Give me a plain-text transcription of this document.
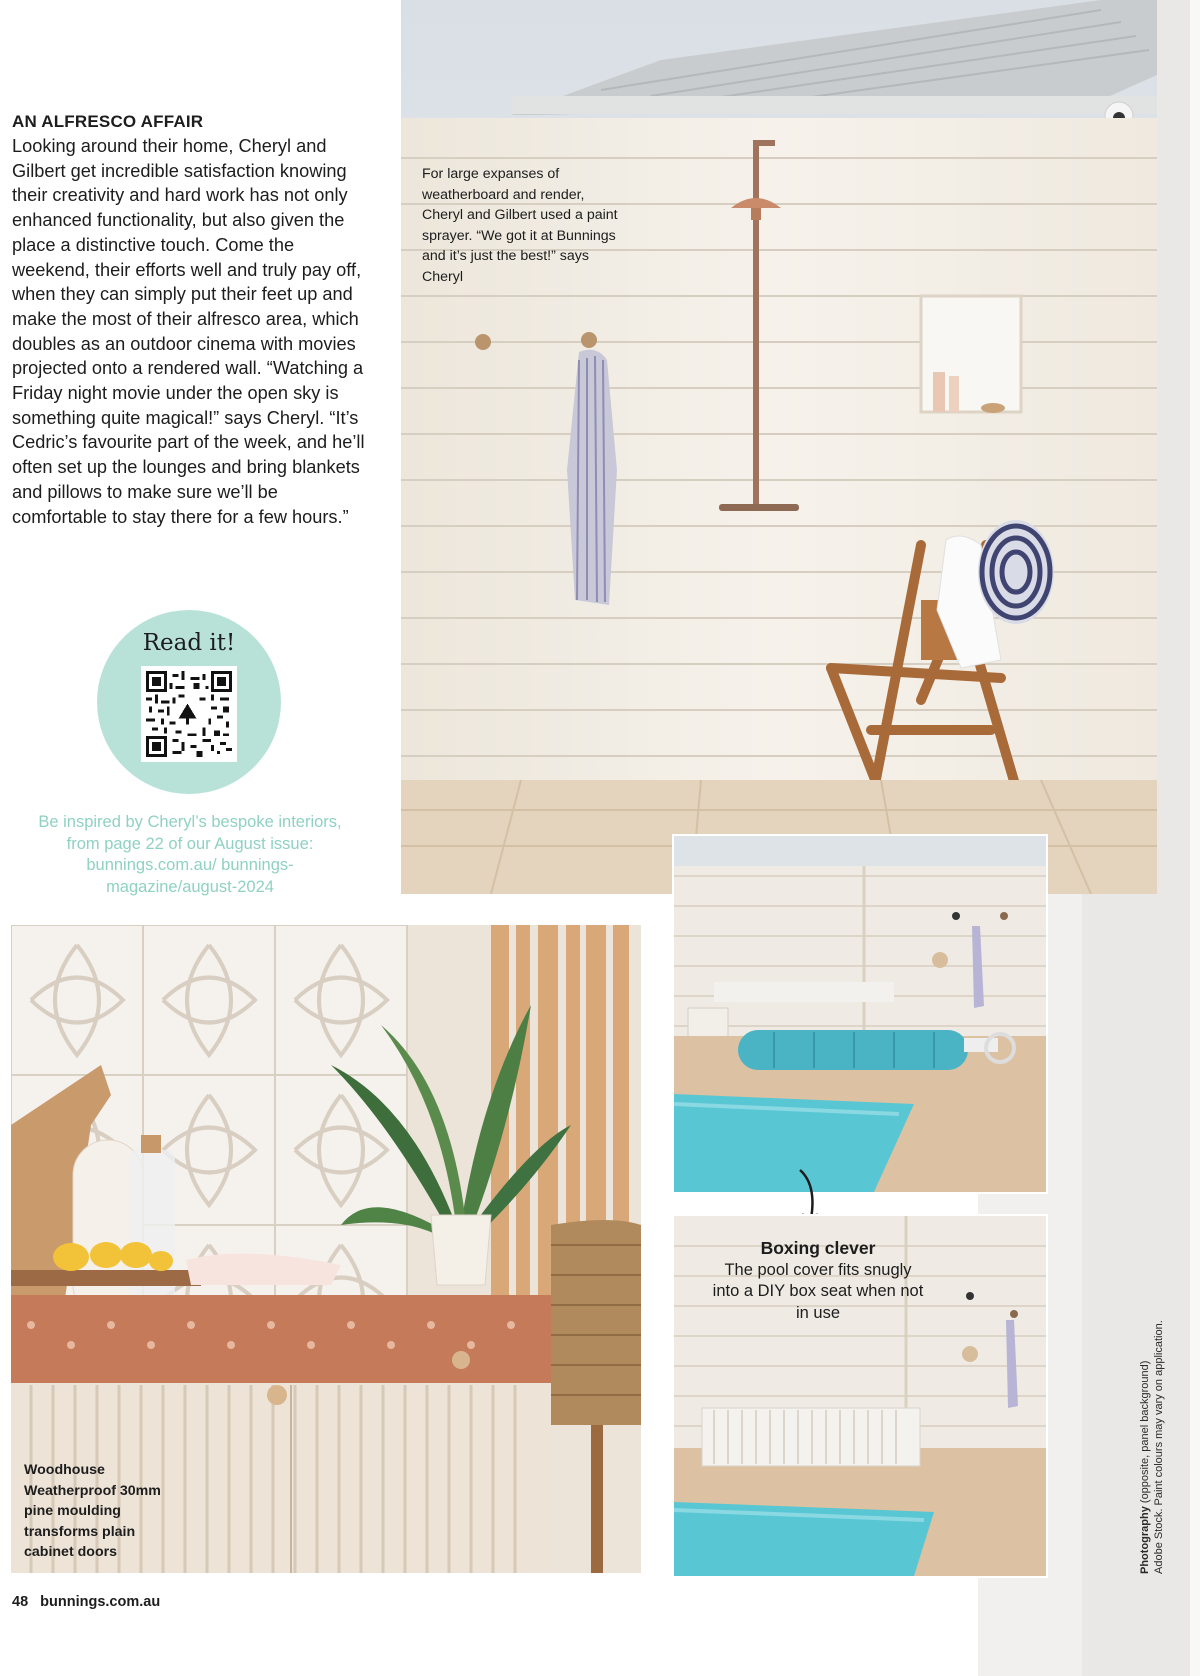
AN ALFRESCO AFFAIR
Looking around their home, Cheryl and Gilbert get incredible satisfaction knowing their creativity and hard work has not only enhanced functionality, but also given the place a distinctive touch. Come the weekend, their efforts well and truly pay off, when they can simply put their feet up and make the most of their alfresco area, which doubles as an outdoor cinema with movies projected onto a rendered wall. “Watching a Friday night movie under the open sky is something quite magical!” says Cheryl. “It’s Cedric’s favourite part of the week, and he’ll often set up the lounges and bring blankets and pillows to make sure we’ll be comfortable to stay there for a few hours.”
Read it!
Be inspired by Cheryl’s bespoke interiors, from page 22 of our August issue: bunnings.com.au/ bunnings-magazine/august-2024
For large expanses of weatherboard and render, Cheryl and Gilbert used a paint sprayer. “We got it at Bunnings and it’s just the best!” says Cheryl
Woodhouse Weatherproof 30mm pine moulding transforms plain cabinet doors
Boxing clever
The pool cover fits snugly into a DIY box seat when not in use
48 bunnings.com.au
Photography (opposite, panel background) Adobe Stock. Paint colours may vary on application.
